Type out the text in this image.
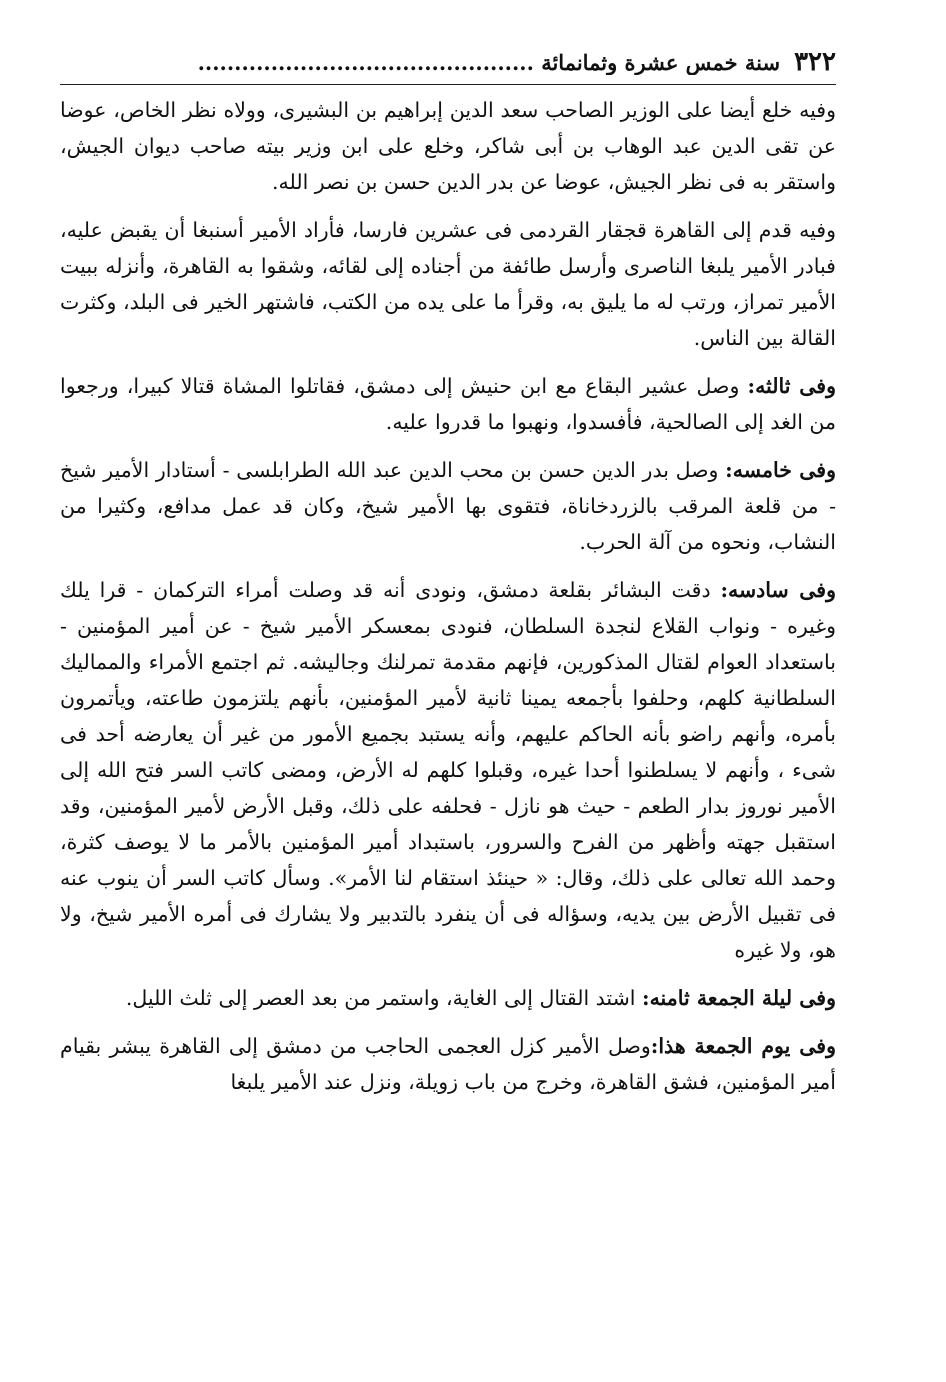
٣٢٢
سنة خمس عشرة وثمانمائة ..............................................

وفيه خلع أيضا على الوزير الصاحب سعد الدين إبراهيم بن البشيرى، وولاه نظر الخاص، عوضا عن تقى الدين عبد الوهاب بن أبى شاكر، وخلع على ابن وزير بيته صاحب ديوان الجيش، واستقر به فى نظر الجيش، عوضا عن بدر الدين حسن بن نصر الله.

وفيه قدم إلى القاهرة قجقار القردمى فى عشرين فارسا، فأراد الأمير أسنبغا أن يقبض عليه، فبادر الأمير يلبغا الناصرى وأرسل طائفة من أجناده إلى لقائه، وشقوا به القاهرة، وأنزله ببيت الأمير تمراز، ورتب له ما يليق به، وقرأ ما على يده من الكتب، فاشتهر الخير فى البلد، وكثرت القالة بين الناس.

وفى ثالثه: وصل عشير البقاع مع ابن حنيش إلى دمشق، فقاتلوا المشاة قتالا كبيرا، ورجعوا من الغد إلى الصالحية، فأفسدوا، ونهبوا ما قدروا عليه.

وفى خامسه: وصل بدر الدين حسن بن محب الدين عبد الله الطرابلسى - أستادار الأمير شيخ - من قلعة المرقب بالزردخاناة، فتقوى بها الأمير شيخ، وكان قد عمل مدافع، وكثيرا من النشاب، ونحوه من آلة الحرب.

وفى سادسه: دقت البشائر بقلعة دمشق، ونودى أنه قد وصلت أمراء التركمان - قرا يلك وغيره - ونواب القلاع لنجدة السلطان، فنودى بمعسكر الأمير شيخ - عن أمير المؤمنين - باستعداد العوام لقتال المذكورين، فإنهم مقدمة تمرلنك وجاليشه. ثم اجتمع الأمراء والمماليك السلطانية كلهم، وحلفوا بأجمعه يمينا ثانية لأمير المؤمنين، بأنهم يلتزمون طاعته، ويأتمرون بأمره، وأنهم راضو بأنه الحاكم عليهم، وأنه يستبد بجميع الأمور من غير أن يعارضه أحد فى شىء ، وأنهم لا يسلطنوا أحدا غيره، وقبلوا كلهم له الأرض، ومضى كاتب السر فتح الله إلى الأمير نوروز بدار الطعم - حيث هو نازل - فحلفه على ذلك، وقبل الأرض لأمير المؤمنين، وقد استقبل جهته وأظهر من الفرح والسرور، باستبداد أمير المؤمنين بالأمر ما لا يوصف كثرة، وحمد الله تعالى على ذلك، وقال: « حينئذ استقام لنا الأمر». وسأل كاتب السر أن ينوب عنه فى تقبيل الأرض بين يديه، وسؤاله فى أن ينفرد بالتدبير ولا يشارك فى أمره الأمير شيخ، ولا هو، ولا غيره

وفى ليلة الجمعة ثامنه: اشتد القتال إلى الغاية، واستمر من بعد العصر إلى ثلث الليل.

وفى يوم الجمعة هذا:وصل الأمير كزل العجمى الحاجب من دمشق إلى القاهرة يبشر بقيام أمير المؤمنين، فشق القاهرة، وخرج من باب زويلة، ونزل عند الأمير يلبغا
